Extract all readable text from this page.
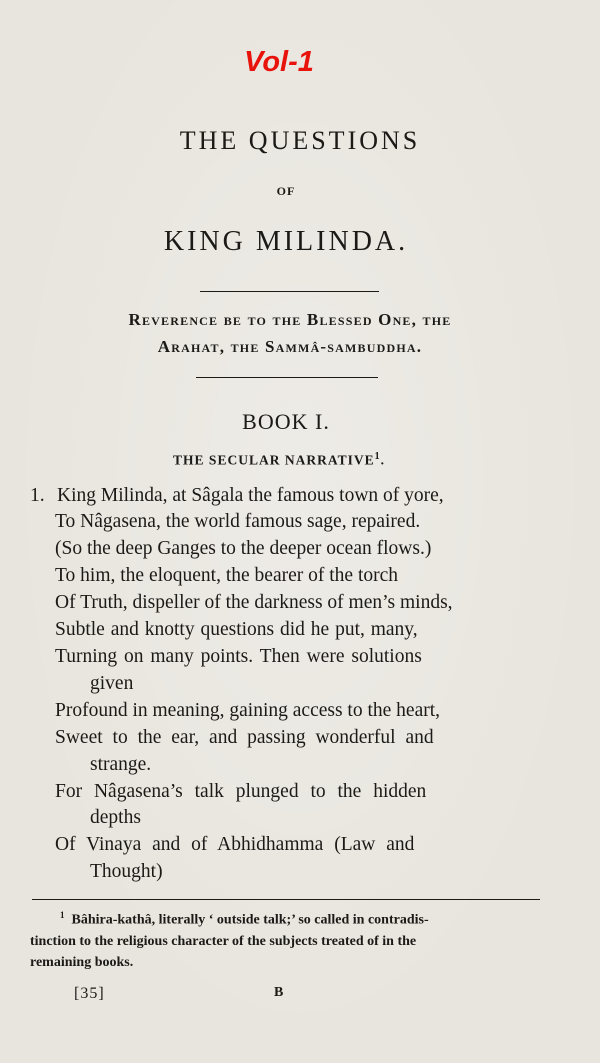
Vol-1
THE QUESTIONS
OF
KING MILINDA.
Reverence be to the Blessed One, the
Arahat, the Sammâ-sambuddha.
BOOK I.
THE SECULAR NARRATIVE$^1$.
1. King Milinda, at Sâgala the famous town of yore,
To Nâgasena, the world famous sage, repaired.
(So the deep Ganges to the deeper ocean flows.)
To him, the eloquent, the bearer of the torch
Of Truth, dispeller of the darkness of men’s minds,
Subtle and knotty questions did he put, many,
Turning on many points. Then were solutions
given
Profound in meaning, gaining access to the heart,
Sweet to the ear, and passing wonderful and
strange.
For Nâgasena’s talk plunged to the hidden
depths
Of Vinaya and of Abhidhamma (Law and
Thought)
$^1$ Bâhira-kathâ, literally ‘ outside talk;’ so called in contradis-
tinction to the religious character of the subjects treated of in the
remaining books.
[35]	B
